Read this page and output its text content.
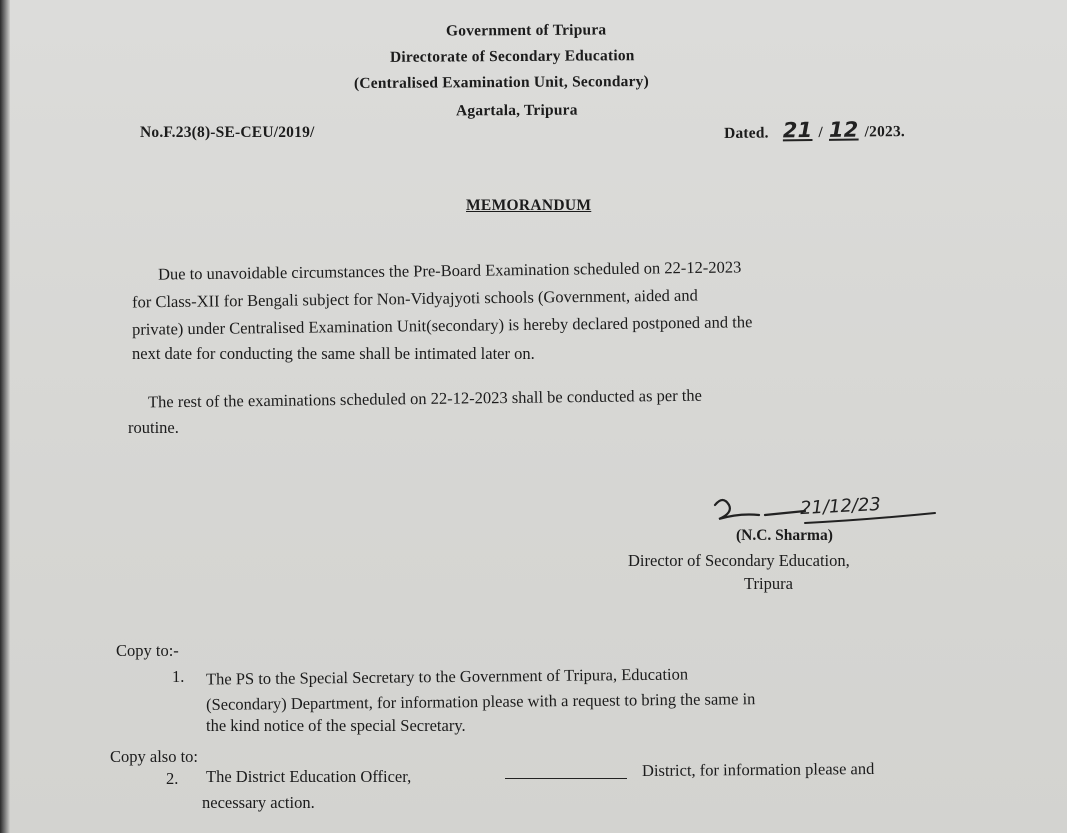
Government of Tripura
Directorate of Secondary Education
(Centralised Examination Unit, Secondary)
Agartala, Tripura
No.F.23(8)-SE-CEU/2019/	Dated. 21 / 12 /2023.
MEMORANDUM
Due to unavoidable circumstances the Pre-Board Examination scheduled on 22-12-2023
for Class-XII for Bengali subject for Non-Vidyajyoti schools (Government, aided and
private) under Centralised Examination Unit(secondary) is hereby declared postponed and the
next date for conducting the same shall be intimated later on.
The rest of the examinations scheduled on 22-12-2023 shall be conducted as per the
routine.
21/12/23
(N.C. Sharma)
Director of Secondary Education,
Tripura
Copy to:-
1. The PS to the Special Secretary to the Government of Tripura, Education
(Secondary) Department, for information please with a request to bring the same in
the kind notice of the special Secretary.
Copy also to:
2. The District Education Officer,	District, for information please and
necessary action.
